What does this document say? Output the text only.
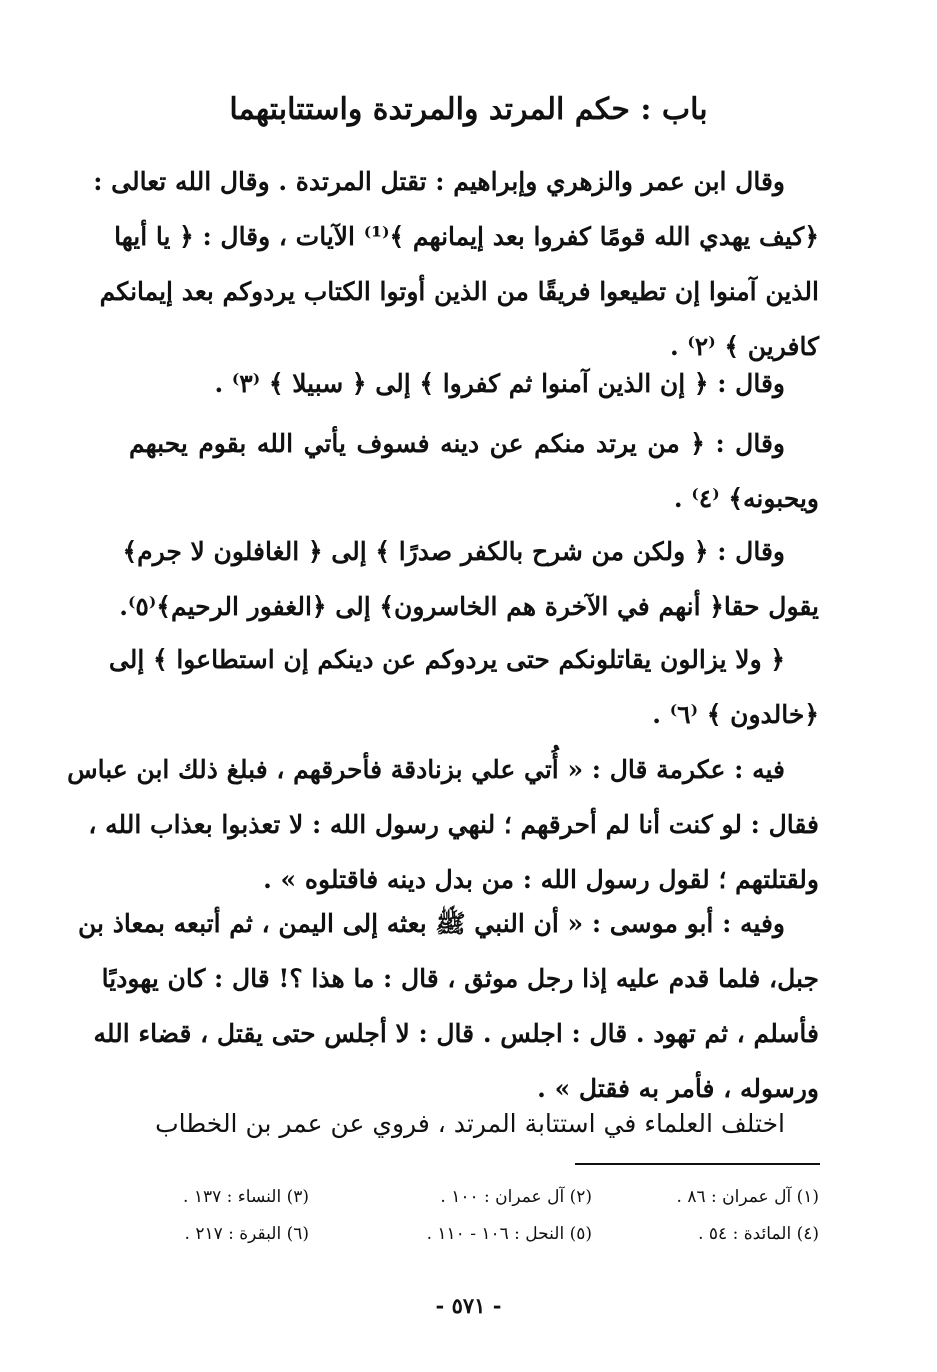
باب : حكم المرتد والمرتدة واستتابتهما
وقال ابن عمر والزهري وإبراهيم : تقتل المرتدة . وقال الله تعالى :
﴿كيف يهدي الله قومًا كفروا بعد إيمانهم ﴾⁽¹⁾ الآيات ، وقال : ﴿ يا أيها
الذين آمنوا إن تطيعوا فريقًا من الذين أوتوا الكتاب يردوكم بعد إيمانكم
كافرين ﴾ ⁽٢⁾ .
وقال : ﴿ إن الذين آمنوا ثم كفروا ﴾ إلى ﴿ سبيلا ﴾ ⁽٣⁾ .
وقال : ﴿ من يرتد منكم عن دينه فسوف يأتي الله بقوم يحبهم
ويحبونه﴾ ⁽٤⁾ .
وقال : ﴿ ولكن من شرح بالكفر صدرًا ﴾ إلى ﴿ الغافلون لا جرم﴾
يقول حقا﴿ أنهم في الآخرة هم الخاسرون﴾ إلى ﴿الغفور الرحيم﴾⁽٥⁾.
﴿ ولا يزالون يقاتلونكم حتى يردوكم عن دينكم إن استطاعوا ﴾ إلى
﴿خالدون ﴾ ⁽٦⁾ .
فيه : عكرمة قال : « أُتي علي بزنادقة فأحرقهم ، فبلغ ذلك ابن عباس
فقال : لو كنت أنا لم أحرقهم ؛ لنهي رسول الله : لا تعذبوا بعذاب الله ،
ولقتلتهم ؛ لقول رسول الله : من بدل دينه فاقتلوه » .
وفيه : أبو موسى : « أن النبي ﷺ بعثه إلى اليمن ، ثم أتبعه بمعاذ بن
جبل، فلما قدم عليه إذا رجل موثق ، قال : ما هذا ؟! قال : كان يهوديًا
فأسلم ، ثم تهود . قال : اجلس . قال : لا أجلس حتى يقتل ، قضاء الله
ورسوله ، فأمر به فقتل » .
اختلف العلماء في استتابة المرتد ، فروي عن عمر بن الخطاب
(١) آل عمران : ٨٦ .
(٢) آل عمران : ١٠٠ .
(٣) النساء : ١٣٧ .
(٤) المائدة : ٥٤ .
(٥) النحل : ١٠٦ - ١١٠ .
(٦) البقرة : ٢١٧ .
- ٥٧١ -
